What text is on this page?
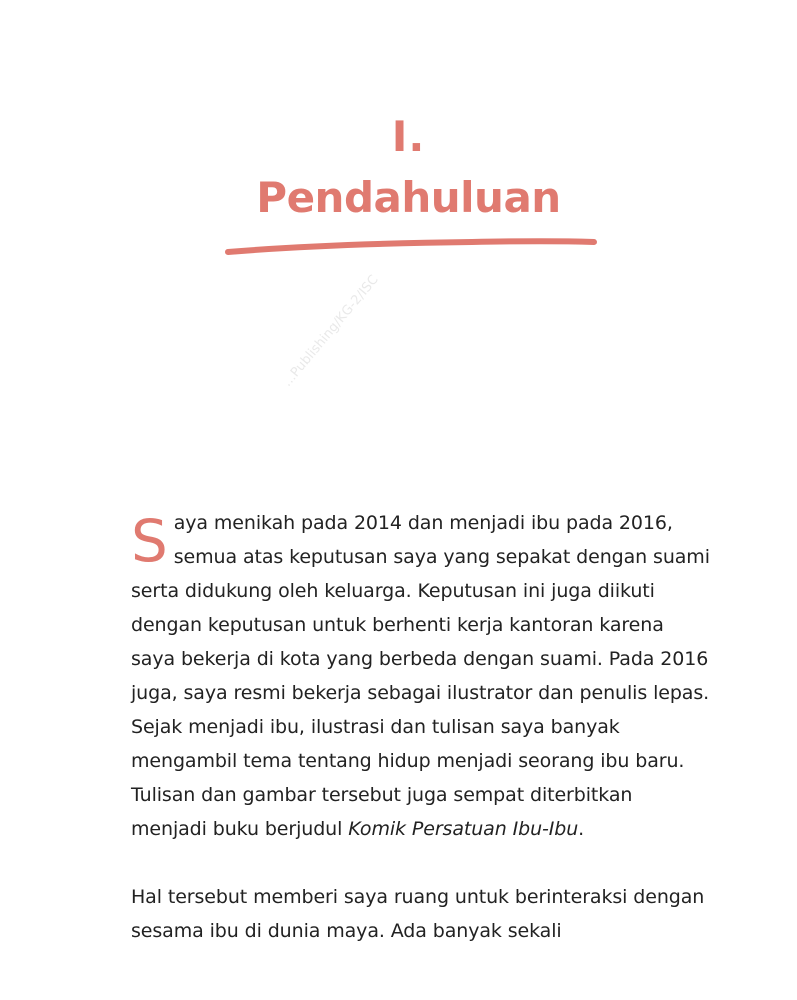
I.
Pendahuluan
...Publishing/KG-2/ISC

Saya menikah pada 2014 dan menjadi ibu pada 2016, semua atas keputusan saya yang sepakat dengan suami serta didukung oleh keluarga. Keputusan ini juga diikuti dengan keputusan untuk berhenti kerja kantoran karena saya bekerja di kota yang berbeda dengan suami. Pada 2016 juga, saya resmi bekerja sebagai ilustrator dan penulis lepas. Sejak menjadi ibu, ilustrasi dan tulisan saya banyak mengambil tema tentang hidup menjadi seorang ibu baru. Tulisan dan gambar tersebut juga sempat diterbitkan menjadi buku berjudul Komik Persatuan Ibu-Ibu.

Hal tersebut memberi saya ruang untuk berinteraksi dengan sesama ibu di dunia maya. Ada banyak sekali
